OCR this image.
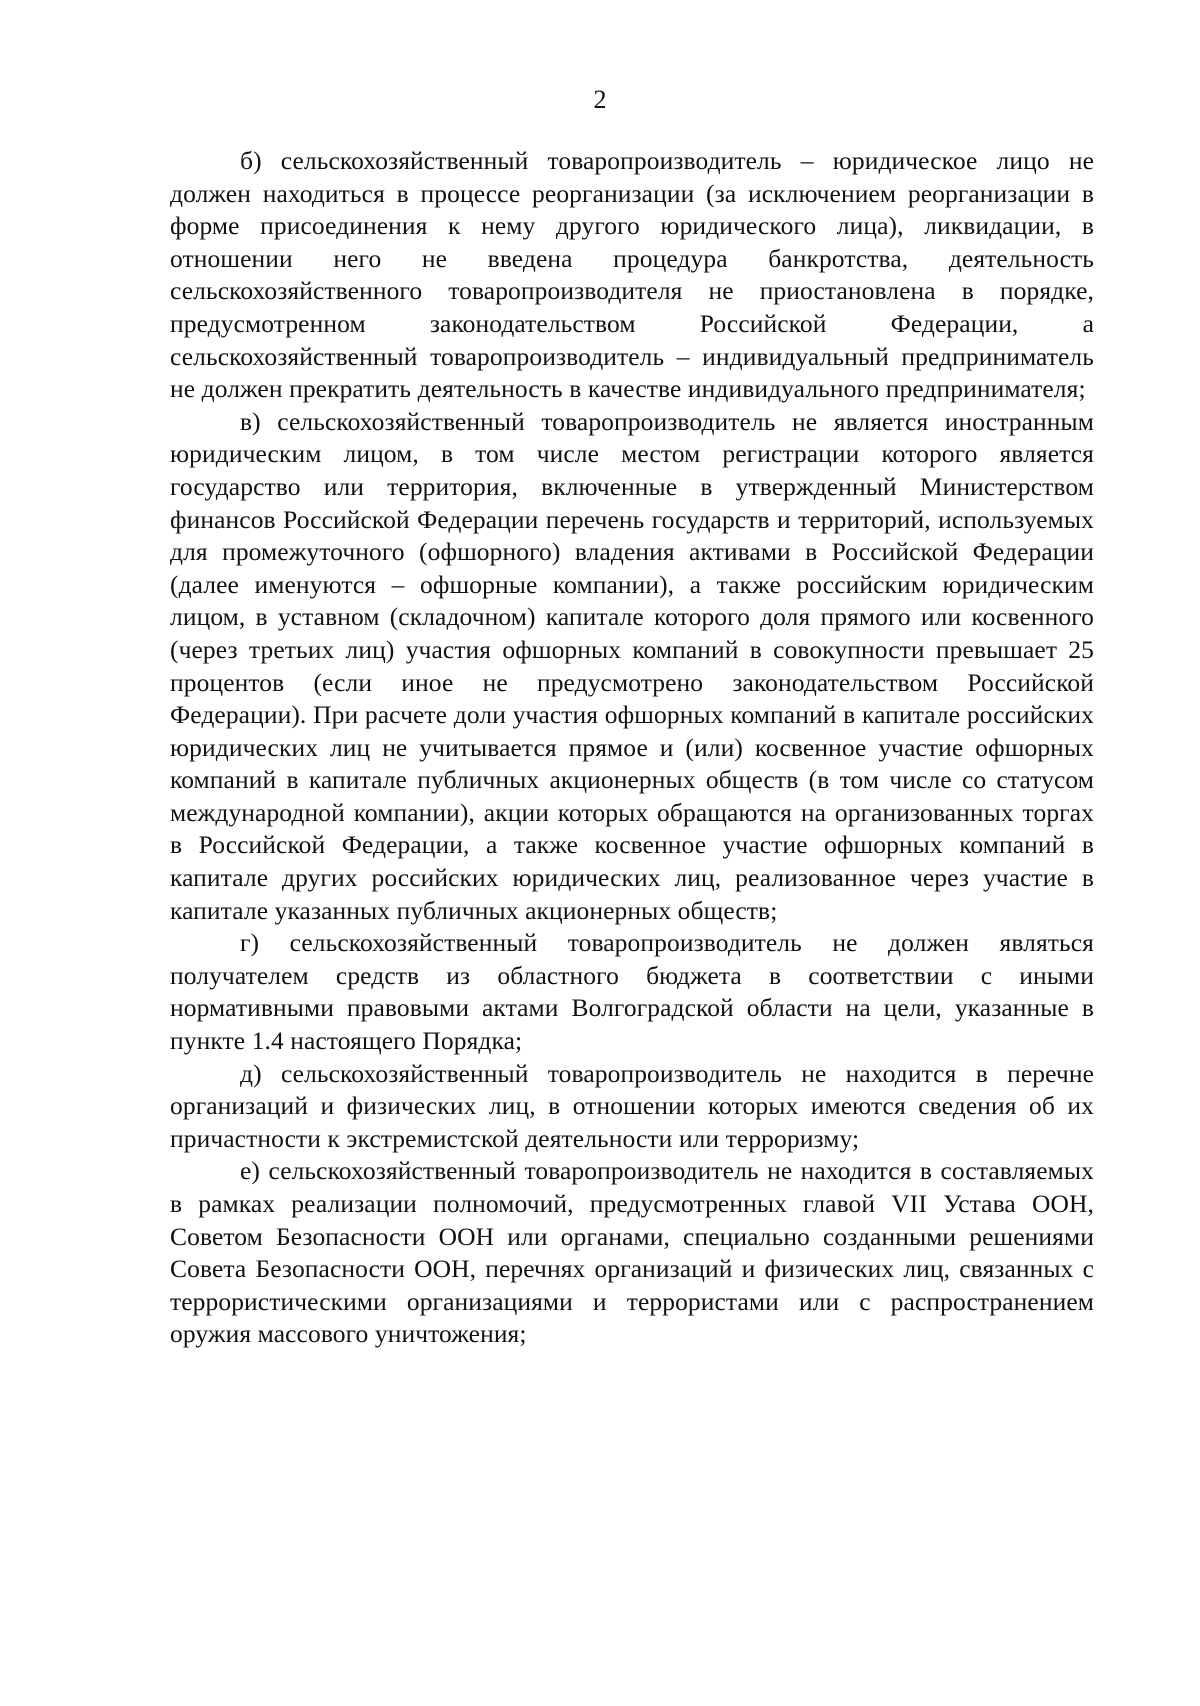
2

б) сельскохозяйственный товаропроизводитель – юридическое лицо не должен находиться в процессе реорганизации (за исключением реорганизации в форме присоединения к нему другого юридического лица), ликвидации, в отношении него не введена процедура банкротства, деятельность сельскохозяйственного товаропроизводителя не приостановлена в порядке, предусмотренном законодательством Российской Федерации, а сельскохозяйственный товаропроизводитель – индивидуальный предприниматель не должен прекратить деятельность в качестве индивидуального предпринимателя;

в) сельскохозяйственный товаропроизводитель не является иностранным юридическим лицом, в том числе местом регистрации которого является государство или территория, включенные в утвержденный Министерством финансов Российской Федерации перечень государств и территорий, используемых для промежуточного (офшорного) владения активами в Российской Федерации (далее именуются – офшорные компании), а также российским юридическим лицом, в уставном (складочном) капитале которого доля прямого или косвенного (через третьих лиц) участия офшорных компаний в совокупности превышает 25 процентов (если иное не предусмотрено законодательством Российской Федерации). При расчете доли участия офшорных компаний в капитале российских юридических лиц не учитывается прямое и (или) косвенное участие офшорных компаний в капитале публичных акционерных обществ (в том числе со статусом международной компании), акции которых обращаются на организованных торгах в Российской Федерации, а также косвенное участие офшорных компаний в капитале других российских юридических лиц, реализованное через участие в капитале указанных публичных акционерных обществ;

г) сельскохозяйственный товаропроизводитель не должен являться получателем средств из областного бюджета в соответствии с иными нормативными правовыми актами Волгоградской области на цели, указанные в пункте 1.4 настоящего Порядка;

д) сельскохозяйственный товаропроизводитель не находится в перечне организаций и физических лиц, в отношении которых имеются сведения об их причастности к экстремистской деятельности или терроризму;

е) сельскохозяйственный товаропроизводитель не находится в составляемых в рамках реализации полномочий, предусмотренных главой VII Устава ООН, Советом Безопасности ООН или органами, специально созданными решениями Совета Безопасности ООН, перечнях организаций и физических лиц, связанных с террористическими организациями и террористами или с распространением оружия массового уничтожения;
